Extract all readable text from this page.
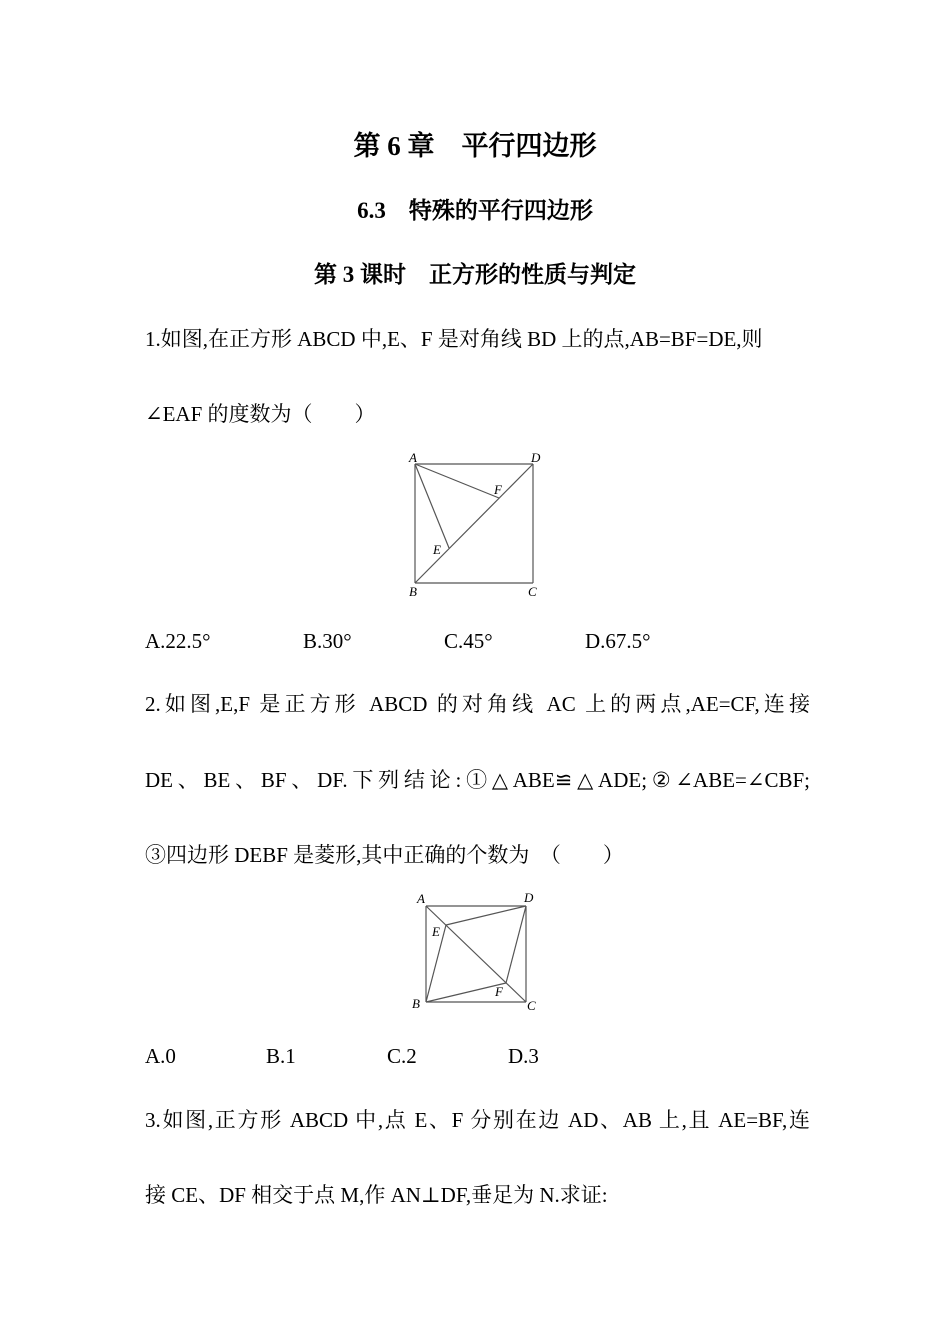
第 6 章　平行四边形
6.3　特殊的平行四边形
第 3 课时　正方形的性质与判定
1.如图,在正方形 ABCD 中,E、F 是对角线 BD 上的点,AB=BF=DE,则
∠EAF 的度数为（　　）
A	D
F
E
B	C
A.22.5°	B.30°	C.45°	D.67.5°
2.如图,E,F 是正方形 ABCD 的对角线 AC 上的两点,AE=CF,连接
DE、BE、BF、DF.下列结论:①△ABE≌△ADE;②∠ABE=∠CBF;
③四边形 DEBF 是菱形,其中正确的个数为　（　　）
A	D
E
F
B	C
A.0	B.1	C.2	D.3
3.如图,正方形 ABCD 中,点 E、F 分别在边 AD、AB 上,且 AE=BF,连
接 CE、DF 相交于点 M,作 AN⊥DF,垂足为 N.求证:
